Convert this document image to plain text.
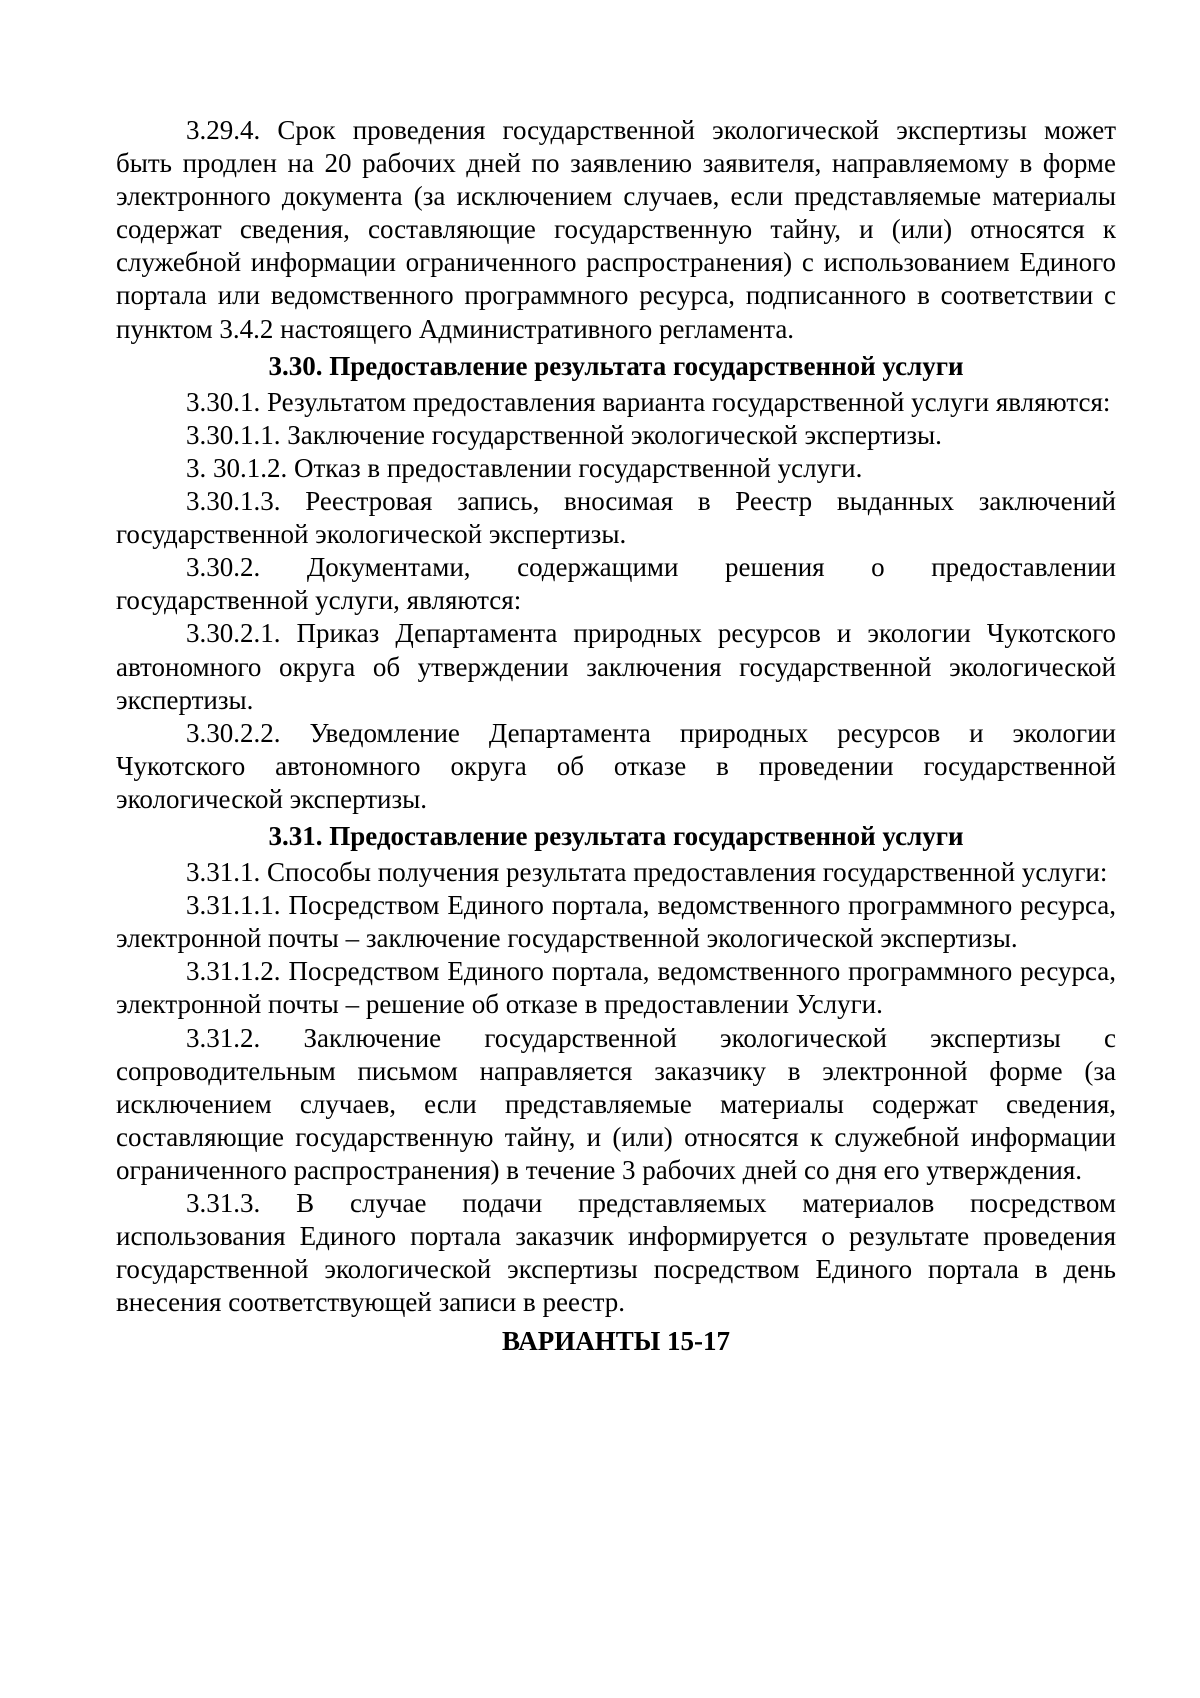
3.29.4. Срок проведения государственной экологической экспертизы может быть продлен на 20 рабочих дней по заявлению заявителя, направляемому в форме электронного документа (за исключением случаев, если представляемые материалы содержат сведения, составляющие государственную тайну, и (или) относятся к служебной информации ограниченного распространения) с использованием Единого портала или ведомственного программного ресурса, подписанного в соответствии с пунктом 3.4.2 настоящего Административного регламента.

3.30. Предоставление результата государственной услуги

3.30.1. Результатом предоставления варианта государственной услуги являются:

3.30.1.1. Заключение государственной экологической экспертизы.

3. 30.1.2. Отказ в предоставлении государственной услуги.

3.30.1.3. Реестровая запись, вносимая в Реестр выданных заключений государственной экологической экспертизы.

3.30.2. Документами, содержащими решения о предоставлении государственной услуги, являются:

3.30.2.1. Приказ Департамента природных ресурсов и экологии Чукотского автономного округа об утверждении заключения государственной экологической экспертизы.

3.30.2.2. Уведомление Департамента природных ресурсов и экологии Чукотского автономного округа об отказе в проведении государственной экологической экспертизы.

3.31. Предоставление результата государственной услуги

3.31.1. Способы получения результата предоставления государственной услуги:

3.31.1.1. Посредством Единого портала, ведомственного программного ресурса, электронной почты – заключение государственной экологической экспертизы.

3.31.1.2. Посредством Единого портала, ведомственного программного ресурса, электронной почты – решение об отказе в предоставлении Услуги.

3.31.2. Заключение государственной экологической экспертизы с сопроводительным письмом направляется заказчику в электронной форме (за исключением случаев, если представляемые материалы содержат сведения, составляющие государственную тайну, и (или) относятся к служебной информации ограниченного распространения) в течение 3 рабочих дней со дня его утверждения.

3.31.3. В случае подачи представляемых материалов посредством использования Единого портала заказчик информируется о результате проведения государственной экологической экспертизы посредством Единого портала в день внесения соответствующей записи в реестр.

ВАРИАНТЫ 15-17
